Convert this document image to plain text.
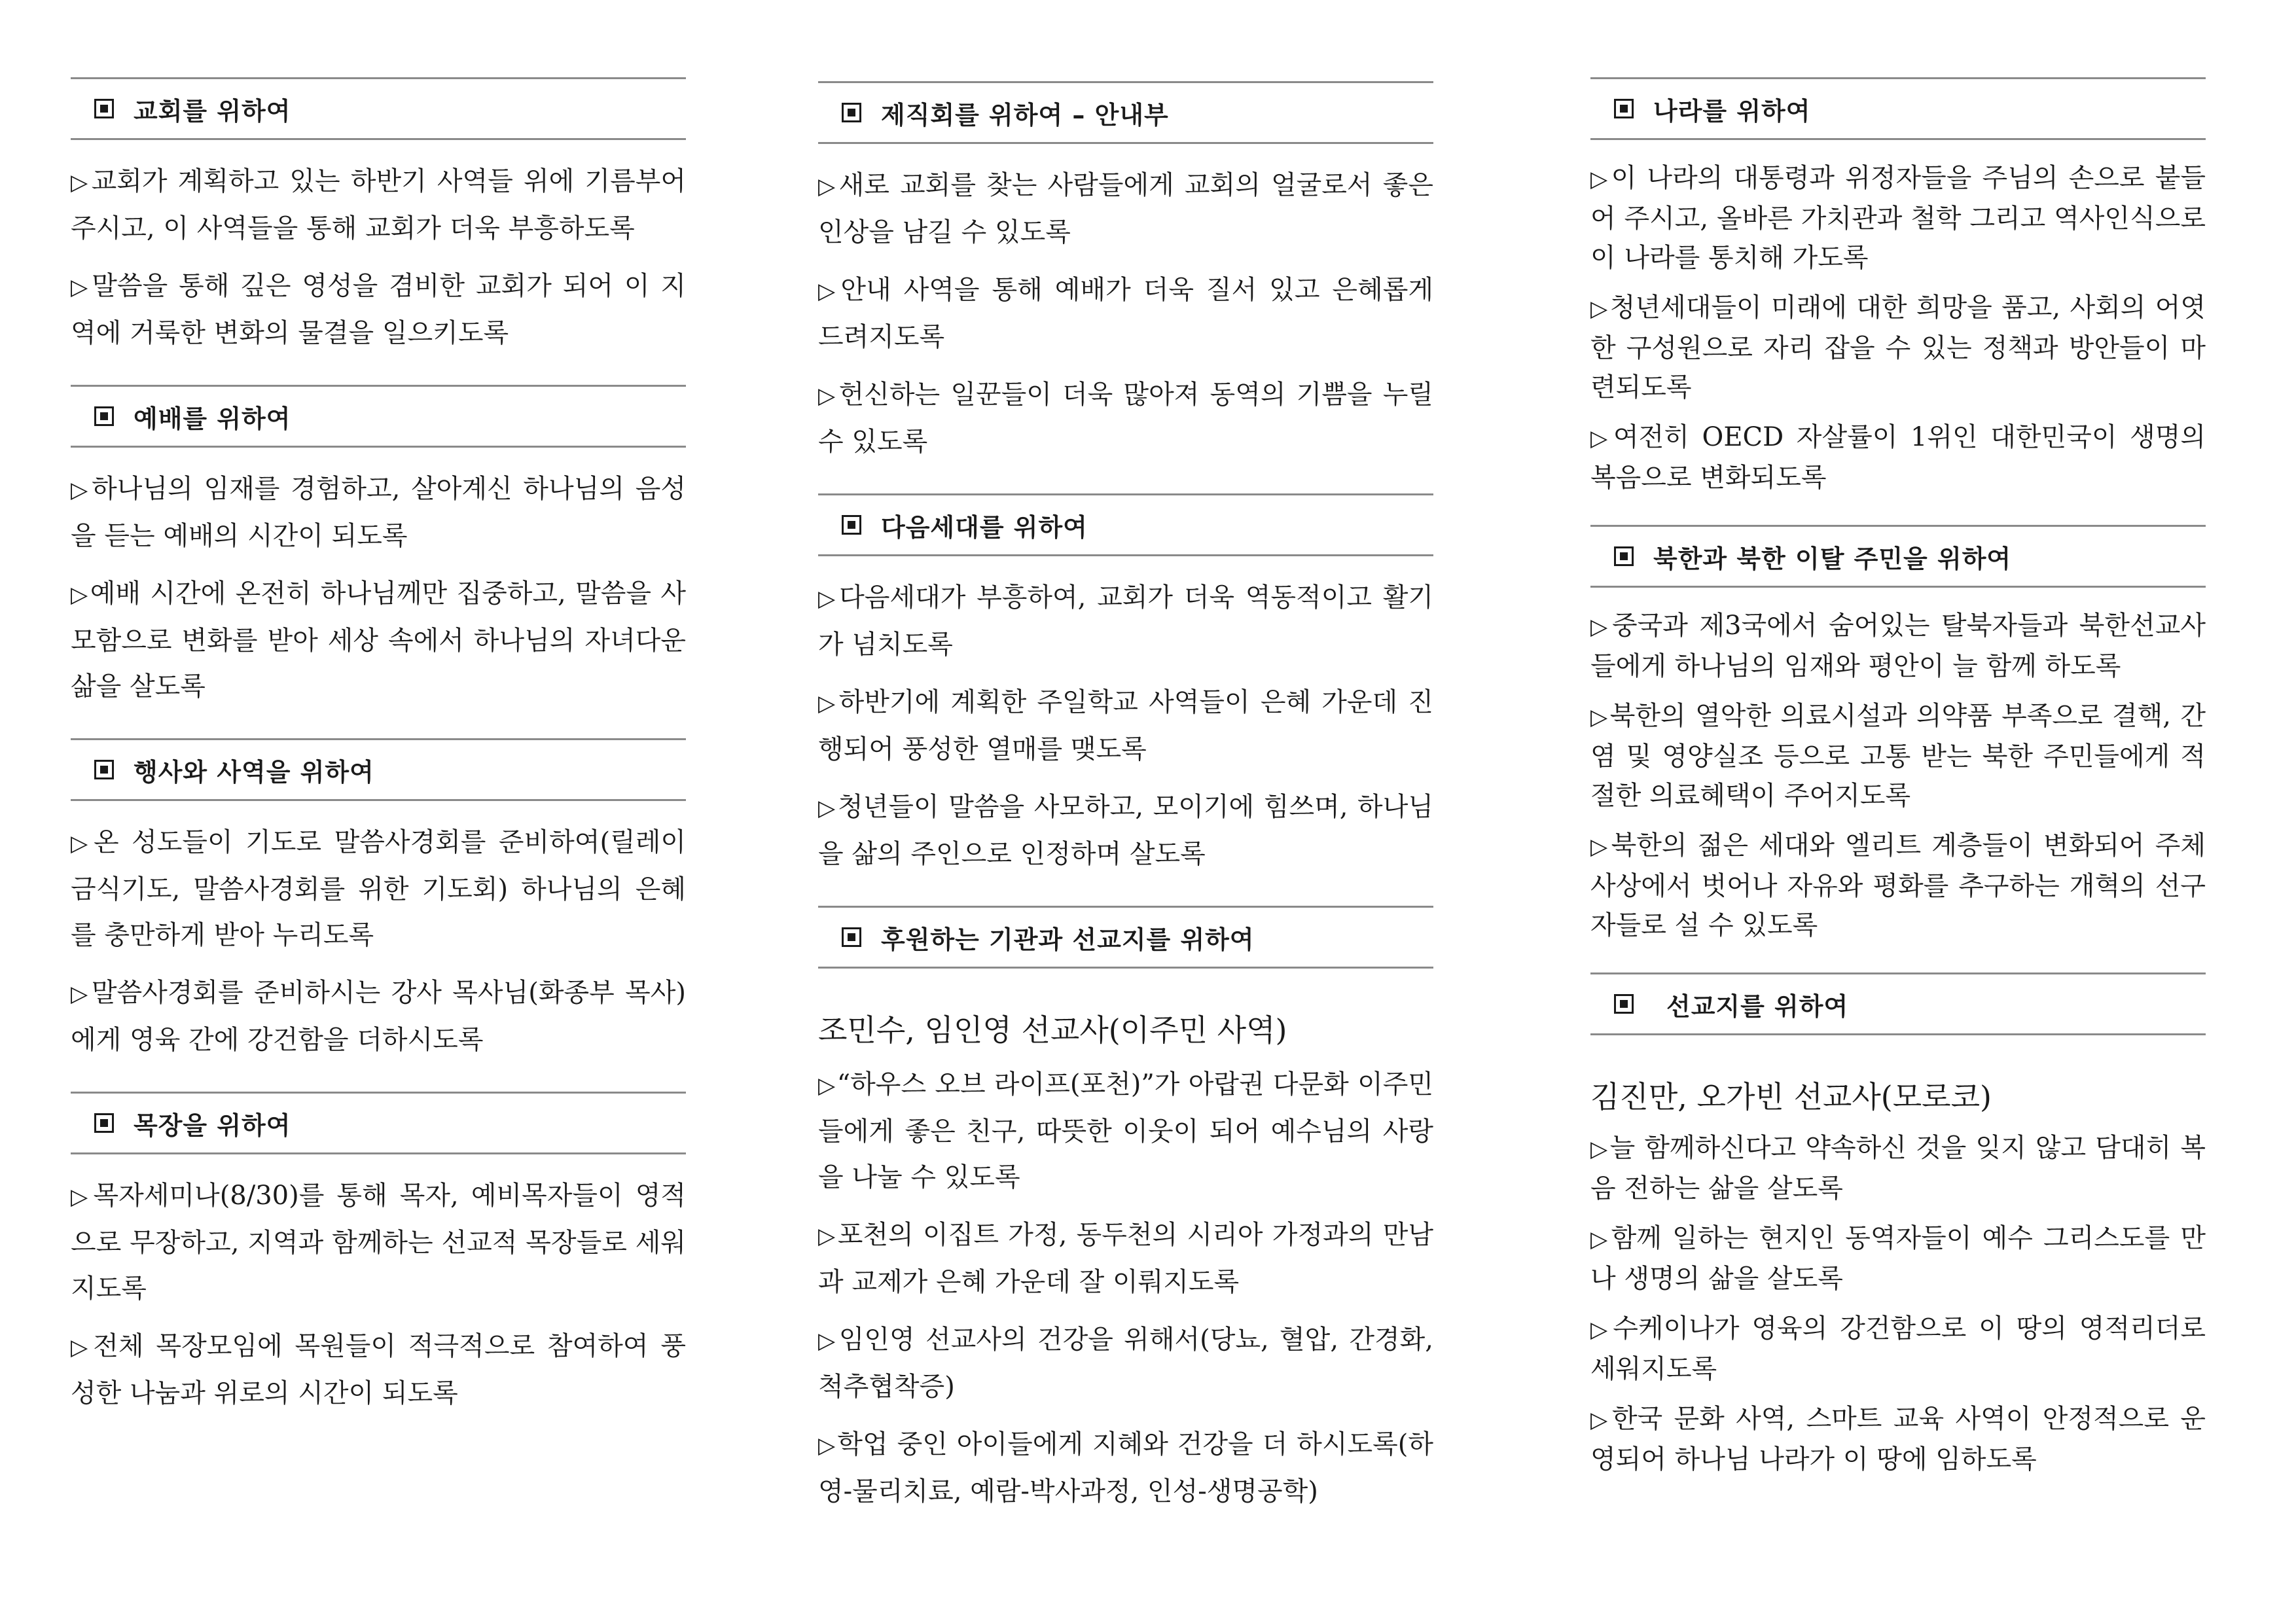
교회를 위하여

▷교회가 계획하고 있는 하반기 사역들 위에 기름부어 주시고, 이 사역들을 통해 교회가 더욱 부흥하도록

▷말씀을 통해 깊은 영성을 겸비한 교회가 되어 이 지역에 거룩한 변화의 물결을 일으키도록

예배를 위하여

▷하나님의 임재를 경험하고, 살아계신 하나님의 음성을 듣는 예배의 시간이 되도록

▷예배 시간에 온전히 하나님께만 집중하고, 말씀을 사모함으로 변화를 받아 세상 속에서 하나님의 자녀다운 삶을 살도록

행사와 사역을 위하여

▷온 성도들이 기도로 말씀사경회를 준비하여(릴레이 금식기도, 말씀사경회를 위한 기도회) 하나님의 은혜를 충만하게 받아 누리도록

▷말씀사경회를 준비하시는 강사 목사님(화종부 목사)에게 영육 간에 강건함을 더하시도록

목장을 위하여

▷목자세미나(8/30)를 통해 목자, 예비목자들이 영적으로 무장하고, 지역과 함께하는 선교적 목장들로 세워지도록

▷전체 목장모임에 목원들이 적극적으로 참여하여 풍성한 나눔과 위로의 시간이 되도록

제직회를 위하여 – 안내부

▷새로 교회를 찾는 사람들에게 교회의 얼굴로서 좋은 인상을 남길 수 있도록

▷안내 사역을 통해 예배가 더욱 질서 있고 은혜롭게 드려지도록

▷헌신하는 일꾼들이 더욱 많아져 동역의 기쁨을 누릴 수 있도록

다음세대를 위하여

▷다음세대가 부흥하여, 교회가 더욱 역동적이고 활기가 넘치도록

▷하반기에 계획한 주일학교 사역들이 은혜 가운데 진행되어 풍성한 열매를 맺도록

▷청년들이 말씀을 사모하고, 모이기에 힘쓰며, 하나님을 삶의 주인으로 인정하며 살도록

후원하는 기관과 선교지를 위하여
조민수, 임인영 선교사(이주민 사역)

▷“하우스 오브 라이프(포천)”가 아랍권 다문화 이주민들에게 좋은 친구, 따뜻한 이웃이 되어 예수님의 사랑을 나눌 수 있도록

▷포천의 이집트 가정, 동두천의 시리아 가정과의 만남과 교제가 은혜 가운데 잘 이뤄지도록

▷임인영 선교사의 건강을 위해서(당뇨, 혈압, 간경화, 척추협착증)

▷학업 중인 아이들에게 지혜와 건강을 더 하시도록(하영-물리치료, 예람-박사과정, 인성-생명공학)

나라를 위하여

▷이 나라의 대통령과 위정자들을 주님의 손으로 붙들어 주시고, 올바른 가치관과 철학 그리고 역사인식으로 이 나라를 통치해 가도록

▷청년세대들이 미래에 대한 희망을 품고, 사회의 어엿한 구성원으로 자리 잡을 수 있는 정책과 방안들이 마련되도록

▷여전히 OECD 자살률이 1위인 대한민국이 생명의 복음으로 변화되도록

북한과 북한 이탈 주민을 위하여

▷중국과 제3국에서 숨어있는 탈북자들과 북한선교사들에게 하나님의 임재와 평안이 늘 함께 하도록

▷북한의 열악한 의료시설과 의약품 부족으로 결핵, 간염 및 영양실조 등으로 고통 받는 북한 주민들에게 적절한 의료혜택이 주어지도록

▷북한의 젊은 세대와 엘리트 계층들이 변화되어 주체사상에서 벗어나 자유와 평화를 추구하는 개혁의 선구자들로 설 수 있도록

선교지를 위하여
김진만, 오가빈 선교사(모로코)

▷늘 함께하신다고 약속하신 것을 잊지 않고 담대히 복음 전하는 삶을 살도록

▷함께 일하는 현지인 동역자들이 예수 그리스도를 만나 생명의 삶을 살도록

▷수케이나가 영육의 강건함으로 이 땅의 영적리더로 세워지도록

▷한국 문화 사역, 스마트 교육 사역이 안정적으로 운영되어 하나님 나라가 이 땅에 임하도록
